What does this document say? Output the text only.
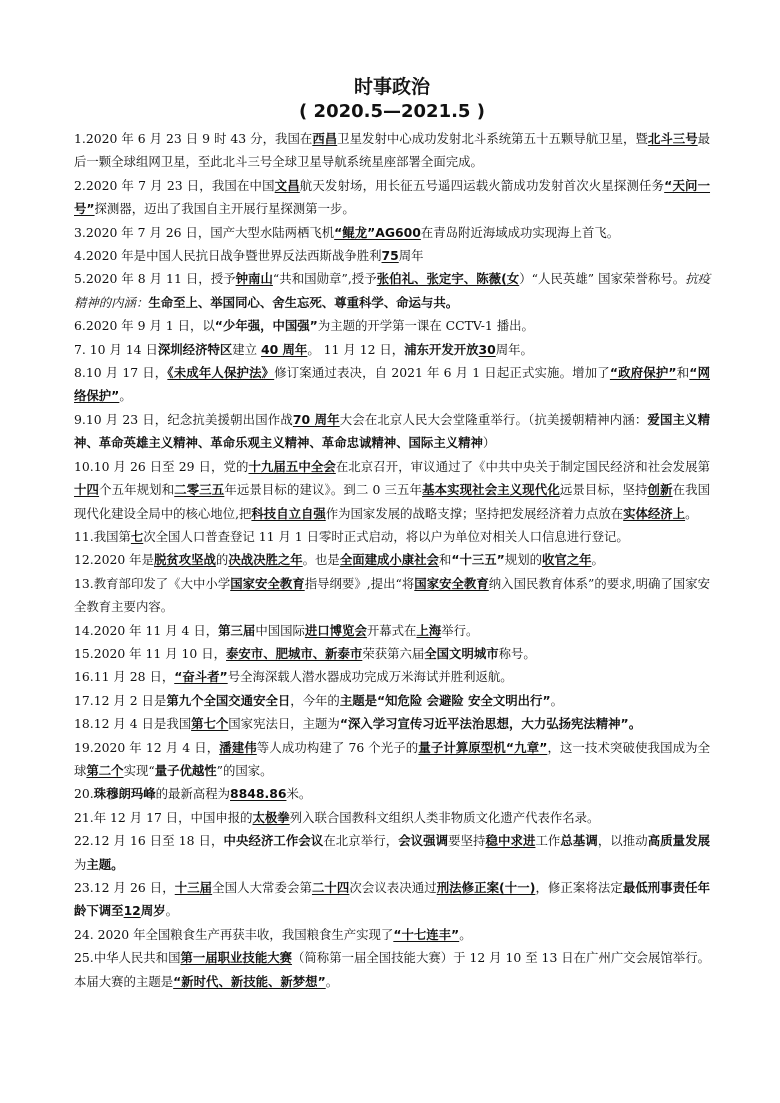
时事政治
( 2020.5—2021.5 )

1.2020 年 6 月 23 日 9 时 43 分，我国在西昌卫星发射中心成功发射北斗系统第五十五颗导航卫星，暨北斗三号最后一颗全球组网卫星，至此北斗三号全球卫星导航系统星座部署全面完成。

2.2020 年 7 月 23 日，我国在中国文昌航天发射场，用长征五号遥四运载火箭成功发射首次火星探测任务“天问一号”探测器，迈出了我国自主开展行星探测第一步。

3.2020 年 7 月 26 日，国产大型水陆两栖飞机“鲲龙”AG600在青岛附近海域成功实现海上首飞。

4.2020 年是中国人民抗日战争暨世界反法西斯战争胜利75周年

5.2020 年 8 月 11 日，授予钟南山“共和国勋章”,授予张伯礼、张定宇、陈薇(女）“人民英雄” 国家荣誉称号。抗疫精神的内涵：生命至上、举国同心、舍生忘死、尊重科学、命运与共。

6.2020 年 9 月 1 日，以“少年强，中国强”为主题的开学第一课在 CCTV-1 播出。

7. 10 月 14 日深圳经济特区建立 40 周年。 11 月 12 日，浦东开发开放30周年。

8.10 月 17 日，《未成年人保护法》修订案通过表决，自 2021 年 6 月 1 日起正式实施。增加了“政府保护”和“网络保护”。

9.10 月 23 日，纪念抗美援朝出国作战70 周年大会在北京人民大会堂隆重举行。（抗美援朝精神内涵：爱国主义精神、革命英雄主义精神、革命乐观主义精神、革命忠诚精神、国际主义精神）

10.10 月 26 日至 29 日，党的十九届五中全会在北京召开，审议通过了《中共中央关于制定国民经济和社会发展第十四个五年规划和二零三五年远景目标的建议》。到二 0 三五年基本实现社会主义现代化远景目标，坚持创新在我国现代化建设全局中的核心地位,把科技自立自强作为国家发展的战略支撑；坚持把发展经济着力点放在实体经济上。

11.我国第七次全国人口普查登记 11 月 1 日零时正式启动，将以户为单位对相关人口信息进行登记。

12.2020 年是脱贫攻坚战的决战决胜之年。也是全面建成小康社会和“十三五”规划的收官之年。

13.教育部印发了《大中小学国家安全教育指导纲要》,提出“将国家安全教育纳入国民教育体系”的要求,明确了国家安全教育主要内容。

14.2020 年 11 月 4 日，第三届中国国际进口博览会开幕式在上海举行。

15.2020 年 11 月 10 日，泰安市、肥城市、新泰市荣获第六届全国文明城市称号。

16.11 月 28 日，“奋斗者”号全海深载人潜水器成功完成万米海试并胜利返航。

17.12 月 2 日是第九个全国交通安全日，今年的主题是“知危险 会避险 安全文明出行”。

18.12 月 4 日是我国第七个国家宪法日，主题为“深入学习宣传习近平法治思想，大力弘扬宪法精神”。

19.2020 年 12 月 4 日，潘建伟等人成功构建了 76 个光子的量子计算原型机“九章”，这一技术突破使我国成为全球第二个实现“量子优越性”的国家。

20.珠穆朗玛峰的最新高程为8848.86米。

21.年 12 月 17 日，中国申报的太极拳列入联合国教科文组织人类非物质文化遗产代表作名录。

22.12 月 16 日至 18 日，中央经济工作会议在北京举行，会议强调要坚持稳中求进工作总基调，以推动高质量发展为主题。

23.12 月 26 日，十三届全国人大常委会第二十四次会议表决通过刑法修正案(十一)，修正案将法定最低刑事责任年龄下调至12周岁。

24. 2020 年全国粮食生产再获丰收，我国粮食生产实现了“十七连丰”。

25.中华人民共和国第一届职业技能大赛（简称第一届全国技能大赛）于 12 月 10 至 13 日在广州广交会展馆举行。本届大赛的主题是“新时代、新技能、新梦想”。
